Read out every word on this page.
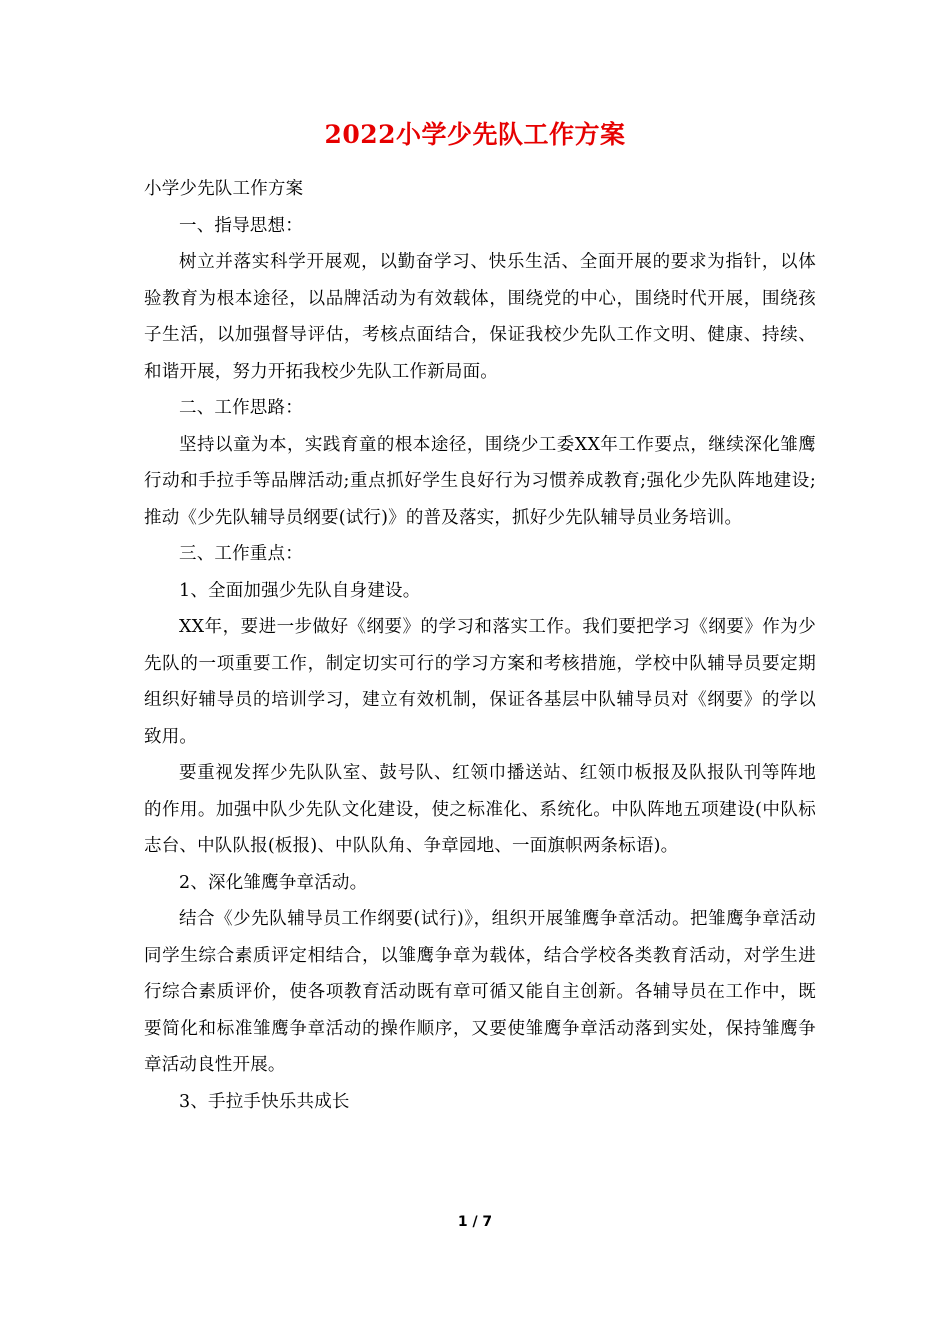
2022小学少先队工作方案

小学少先队工作方案

一、指导思想：

树立并落实科学开展观，以勤奋学习、快乐生活、全面开展的要求为指针，以体验教育为根本途径，以品牌活动为有效载体，围绕党的中心，围绕时代开展，围绕孩子生活，以加强督导评估，考核点面结合，保证我校少先队工作文明、健康、持续、和谐开展，努力开拓我校少先队工作新局面。

二、工作思路：

坚持以童为本，实践育童的根本途径，围绕少工委XX年工作要点，继续深化雏鹰行动和手拉手等品牌活动;重点抓好学生良好行为习惯养成教育;强化少先队阵地建设;推动《少先队辅导员纲要(试行)》的普及落实，抓好少先队辅导员业务培训。

三、工作重点：

1、全面加强少先队自身建设。

XX年，要进一步做好《纲要》的学习和落实工作。我们要把学习《纲要》作为少先队的一项重要工作，制定切实可行的学习方案和考核措施，学校中队辅导员要定期组织好辅导员的培训学习，建立有效机制，保证各基层中队辅导员对《纲要》的学以致用。

要重视发挥少先队队室、鼓号队、红领巾播送站、红领巾板报及队报队刊等阵地的作用。加强中队少先队文化建设，使之标准化、系统化。中队阵地五项建设(中队标志台、中队队报(板报)、中队队角、争章园地、一面旗帜两条标语)。

2、深化雏鹰争章活动。

结合《少先队辅导员工作纲要(试行)》，组织开展雏鹰争章活动。把雏鹰争章活动同学生综合素质评定相结合，以雏鹰争章为载体，结合学校各类教育活动，对学生进行综合素质评价，使各项教育活动既有章可循又能自主创新。各辅导员在工作中，既要简化和标准雏鹰争章活动的操作顺序，又要使雏鹰争章活动落到实处，保持雏鹰争章活动良性开展。

3、手拉手快乐共成长

1 / 7
